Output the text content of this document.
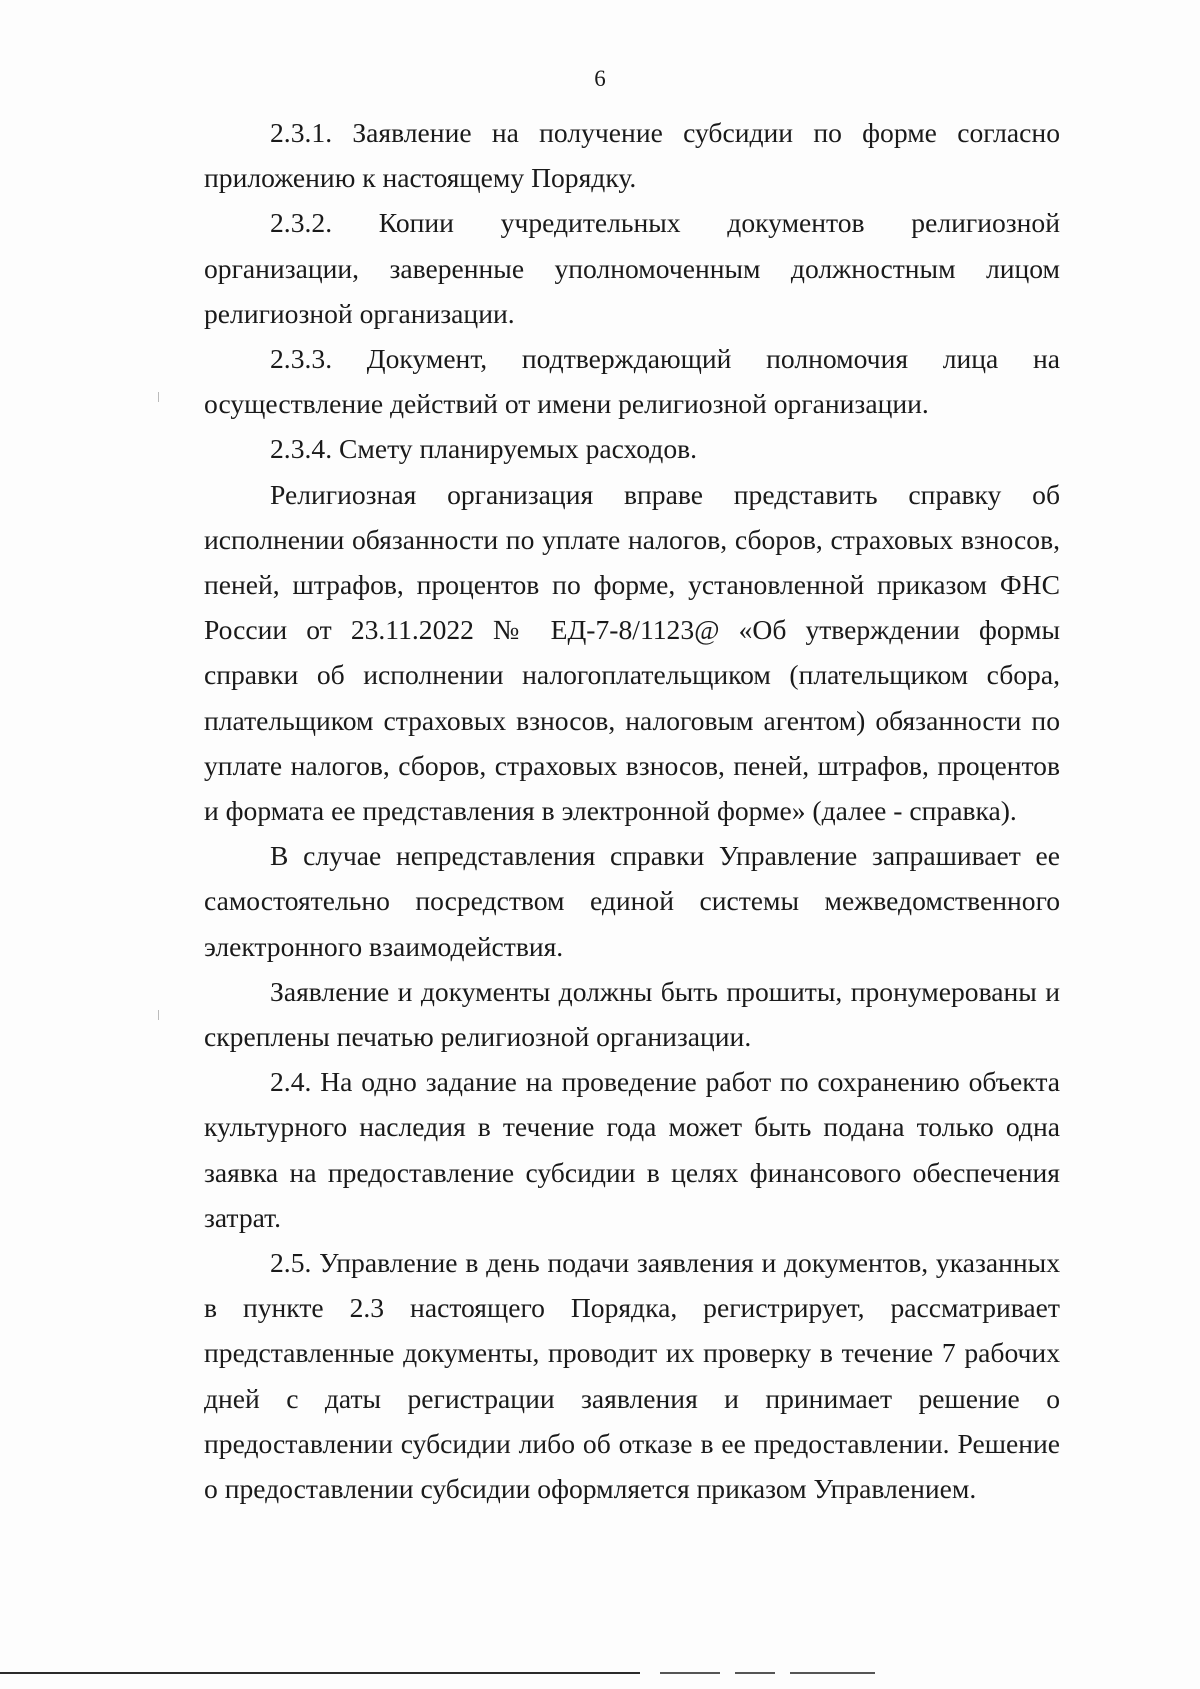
6

2.3.1. Заявление на получение субсидии по форме согласно приложению к настоящему Порядку.

2.3.2. Копии учредительных документов религиозной организации, заверенные уполномоченным должностным лицом религиозной организации.

2.3.3. Документ, подтверждающий полномочия лица на осуществление действий от имени религиозной организации.

2.3.4. Смету планируемых расходов.

Религиозная организация вправе представить справку об исполнении обязанности по уплате налогов, сборов, страховых взносов, пеней, штрафов, процентов по форме, установленной приказом ФНС России от 23.11.2022 № ЕД-7-8/1123@ «Об утверждении формы справки об исполнении налогоплательщиком (плательщиком сбора, плательщиком страховых взносов, налоговым агентом) обязанности по уплате налогов, сборов, страховых взносов, пеней, штрафов, процентов и формата ее представления в электронной форме» (далее - справка).

В случае непредставления справки Управление запрашивает ее самостоятельно посредством единой системы межведомственного электронного взаимодействия.

Заявление и документы должны быть прошиты, пронумерованы и скреплены печатью религиозной организации.

2.4. На одно задание на проведение работ по сохранению объекта культурного наследия в течение года может быть подана только одна заявка на предоставление субсидии в целях финансового обеспечения затрат.

2.5. Управление в день подачи заявления и документов, указанных в пункте 2.3 настоящего Порядка, регистрирует, рассматривает представленные документы, проводит их проверку в течение 7 рабочих дней с даты регистрации заявления и принимает решение о предоставлении субсидии либо об отказе в ее предоставлении. Решение о предоставлении субсидии оформляется приказом Управлением.
